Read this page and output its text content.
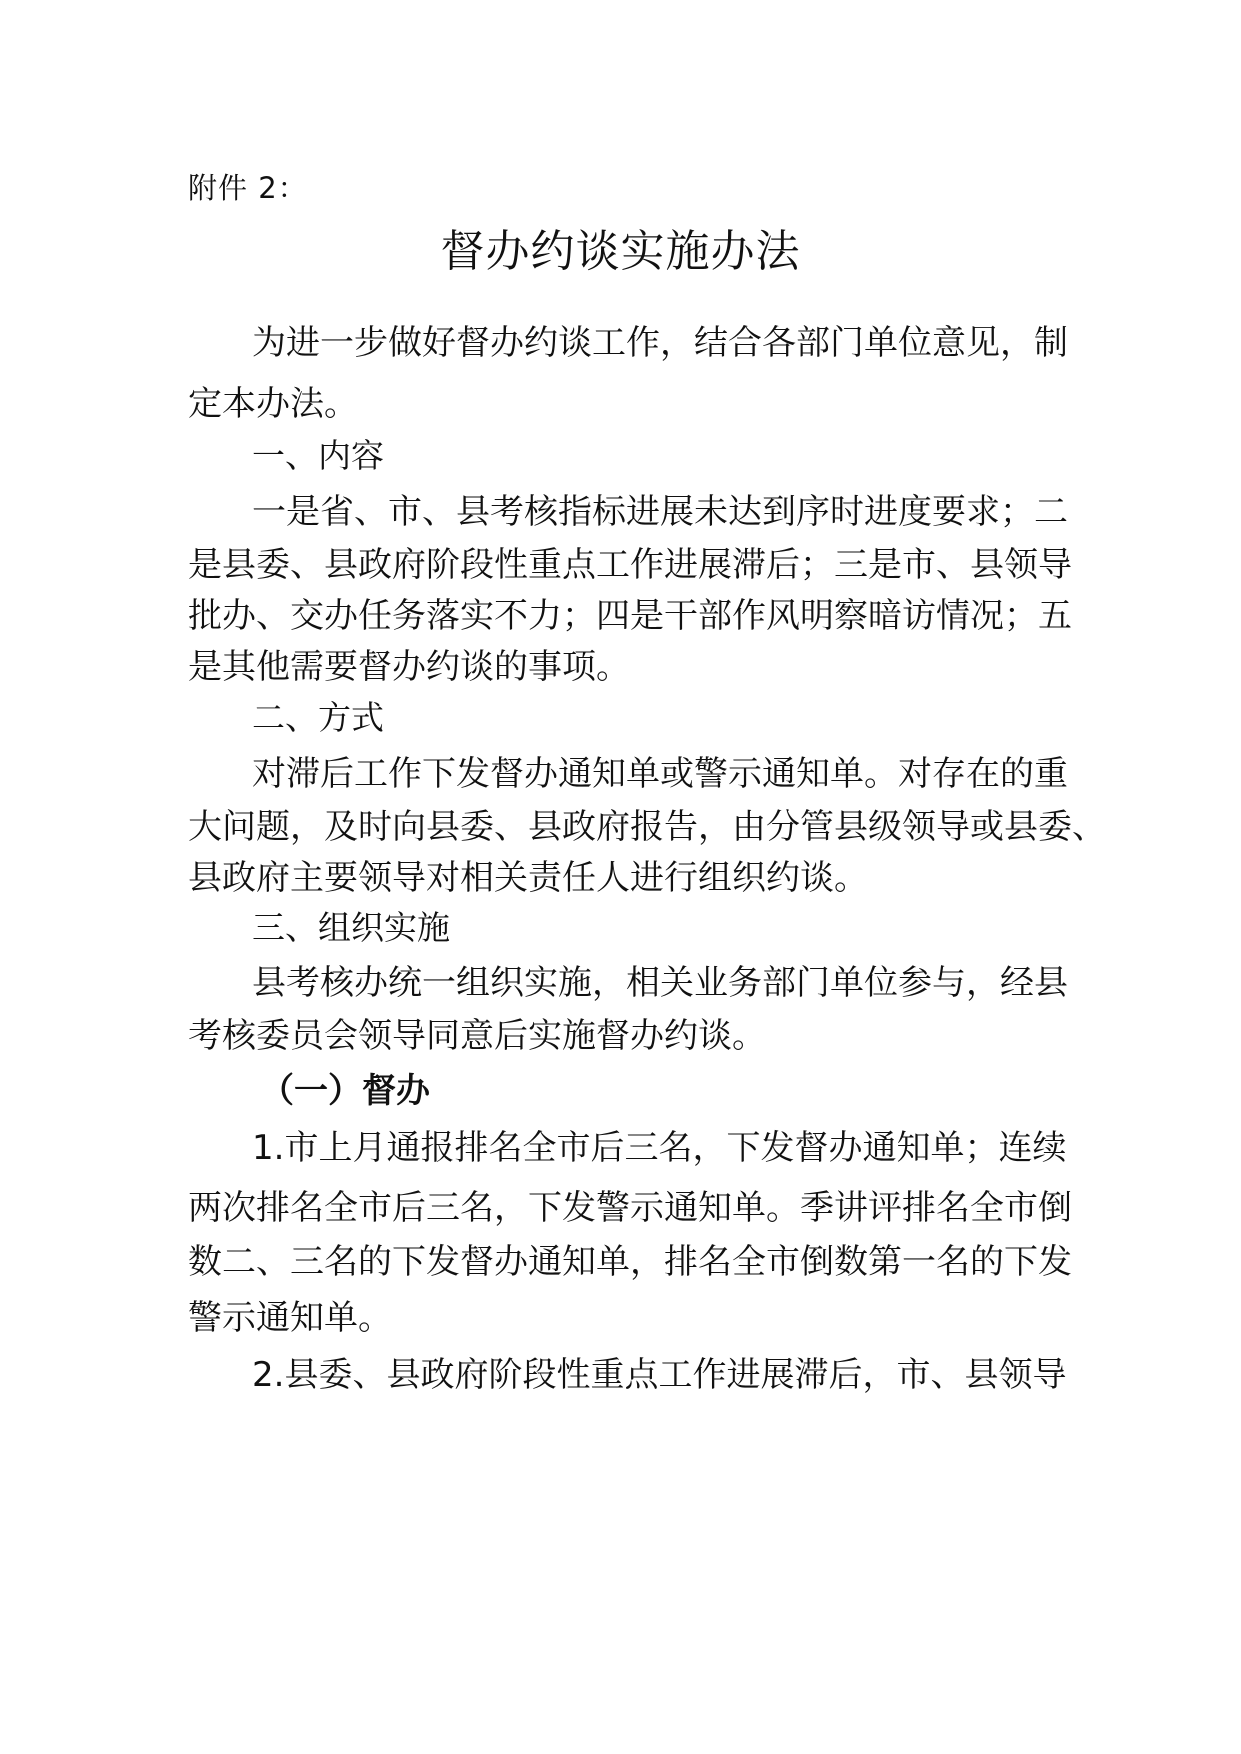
附件 2：
督办约谈实施办法
为进一步做好督办约谈工作，结合各部门单位意见，制
定本办法。
一、内容
一是省、市、县考核指标进展未达到序时进度要求；二
是县委、县政府阶段性重点工作进展滞后；三是市、县领导
批办、交办任务落实不力；四是干部作风明察暗访情况；五
是其他需要督办约谈的事项。
二、方式
对滞后工作下发督办通知单或警示通知单。对存在的重
大问题，及时向县委、县政府报告，由分管县级领导或县委、
县政府主要领导对相关责任人进行组织约谈。
三、组织实施
县考核办统一组织实施，相关业务部门单位参与，经县
考核委员会领导同意后实施督办约谈。
（一）督办
1.市上月通报排名全市后三名，下发督办通知单；连续
两次排名全市后三名，下发警示通知单。季讲评排名全市倒
数二、三名的下发督办通知单，排名全市倒数第一名的下发
警示通知单。
2.县委、县政府阶段性重点工作进展滞后，市、县领导
